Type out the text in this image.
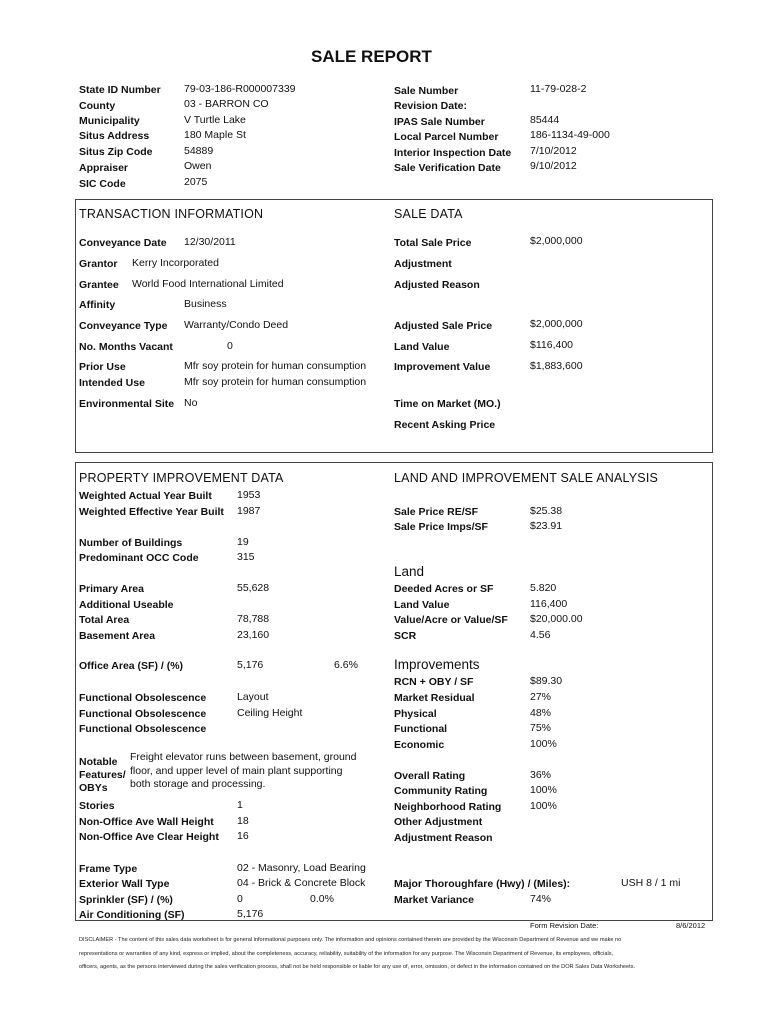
SALE REPORT
State ID Number 79-03-186-R000007339
County	03 - BARRON CO
Municipality	V Turtle Lake
Situs Address	180 Maple St
Situs Zip Code	54889
Appraiser	Owen
SIC Code	2075
Sale Number	11-79-028-2
Revision Date:
IPAS Sale Number	85444
Local Parcel Number	186-1134-49-000
Interior Inspection Date 7/10/2012
Sale Verification Date	9/10/2012
TRANSACTION INFORMATION	SALE DATA
Conveyance Date 12/30/2011
Grantor Kerry Incorporated
Grantee World Food International Limited
Affinity	Business
Conveyance Type Warranty/Condo Deed
No. Months Vacant	0
Prior Use	Mfr soy protein for human consumption
Intended Use	Mfr soy protein for human consumption
Environmental Site No
Total Sale Price	$2,000,000
Adjustment
Adjusted Reason
Adjusted Sale Price	$2,000,000
Land Value	$116,400
Improvement Value	$1,883,600
Time on Market (MO.)
Recent Asking Price
PROPERTY IMPROVEMENT DATA	LAND AND IMPROVEMENT SALE ANALYSIS
Weighted Actual Year Built 1953
Weighted Effective Year Built 1987
Number of Buildings	19
Predominant OCC Code	315
Primary Area	55,628
Additional Useable
Total Area	78,788
Basement Area	23,160
Office Area (SF) / (%)	5,176	6.6%
Functional Obsolescence	Layout
Functional Obsolescence	Ceiling Height
Functional Obsolescence
Notable
Features/
OBYs
Freight elevator runs between basement, ground
floor, and upper level of main plant supporting
both storage and processing.
Stories	1
Non-Office Ave Wall Height 18
Non-Office Ave Clear Height 16
Frame Type	02 - Masonry, Load Bearing
Exterior Wall Type	04 - Brick & Concrete Block
Sprinkler (SF) / (%)	0	0.0%
Air Conditioning (SF)	5,176
Sale Price RE/SF	$25.38
Sale Price Imps/SF	$23.91
Land
Deeded Acres or SF	5.820
Land Value	116,400
Value/Acre or Value/SF $20,000.00
SCR	4.56
Improvements
RCN + OBY / SF	$89.30
Market Residual	27%
Physical	48%
Functional	75%
Economic	100%
Overall Rating	36%
Community Rating	100%
Neighborhood Rating	100%
Other Adjustment
Adjustment Reason
Major Thoroughfare (Hwy) / (Miles):	USH 8 / 1 mi
Market Variance	74%
Form Revision Date:	8/6/2012
DISCLAIMER - The content of this sales data worksheet is for general informational purposes only. The information and opinions contained therein are provided by the Wisconsin Department of Revenue and we make no
representations or warranties of any kind, express or implied, about the completeness, accuracy, reliability, suitability of the information for any purpose. The Wisconsin Department of Revenue, its employees, officials,
officers, agents, as the persons interviewed during the sales verification process, shall not be held responsible or liable for any use of, error, omission, or defect in the information contained on the DOR Sales Data Worksheets.
